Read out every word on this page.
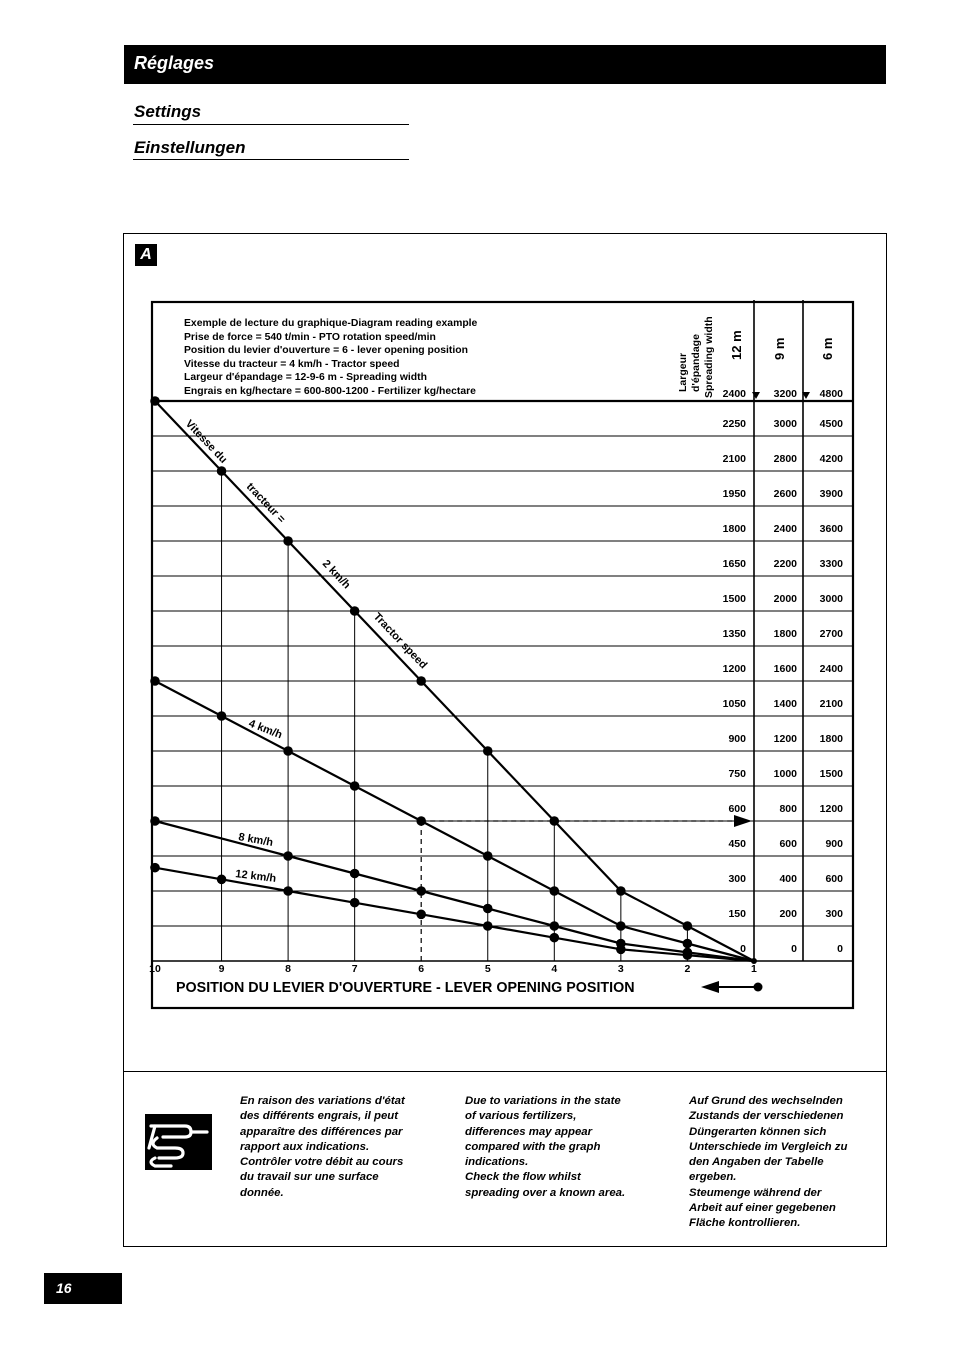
Réglages
Settings
Einstellungen
A
0	0	0
150	200	300
300	400	600
450	600	900
600	800 1200
750	1000 1500
900	1200 1800
1050	1400 2100
1200	1600 2400
1350	1800 2700
1500	2000 3000
1650	2200 3300
1800	2400 3600
1950	2600 3900
2100	2800 4200
2250	3000 4500
2400	3200 4800
10	9	8	7	6	5	4	3	2	1
Vitesse du
tracteur =
2 km/h
Tractor speed
4 km/h
8 km/h
12 km/h
Exemple de lecture du graphique-Diagram reading example
Prise de force = 540 t/min - PTO rotation speed/min
Position du levier d'ouverture = 6 - lever opening position
Vitesse du tracteur = 4 km/h - Tractor speed
Largeur d'épandage = 12-9-6 m - Spreading width
Engrais en kg/hectare = 600-800-1200 - Fertilizer kg/hectare	Largeur d'épandage Spreading width 12 m 9 m	6 m
POSITION DU LEVIER D'OUVERTURE - LEVER OPENING POSITION

En raison des variations d'état

des différents engrais, il peut

apparaître des différences par

rapport aux indications.

Contrôler votre débit au cours

du travail sur une surface

donnée.

Due to variations in the state

of various fertilizers,

differences may appear

compared with the graph

indications.

Check the flow whilst

spreading over a known area.

Auf Grund des wechselnden

Zustands der verschiedenen

Düngerarten können sich

Unterschiede im Vergleich zu

den Angaben der Tabelle

ergeben.

Steumenge während der

Arbeit auf einer gegebenen

Fläche kontrollieren.

16
